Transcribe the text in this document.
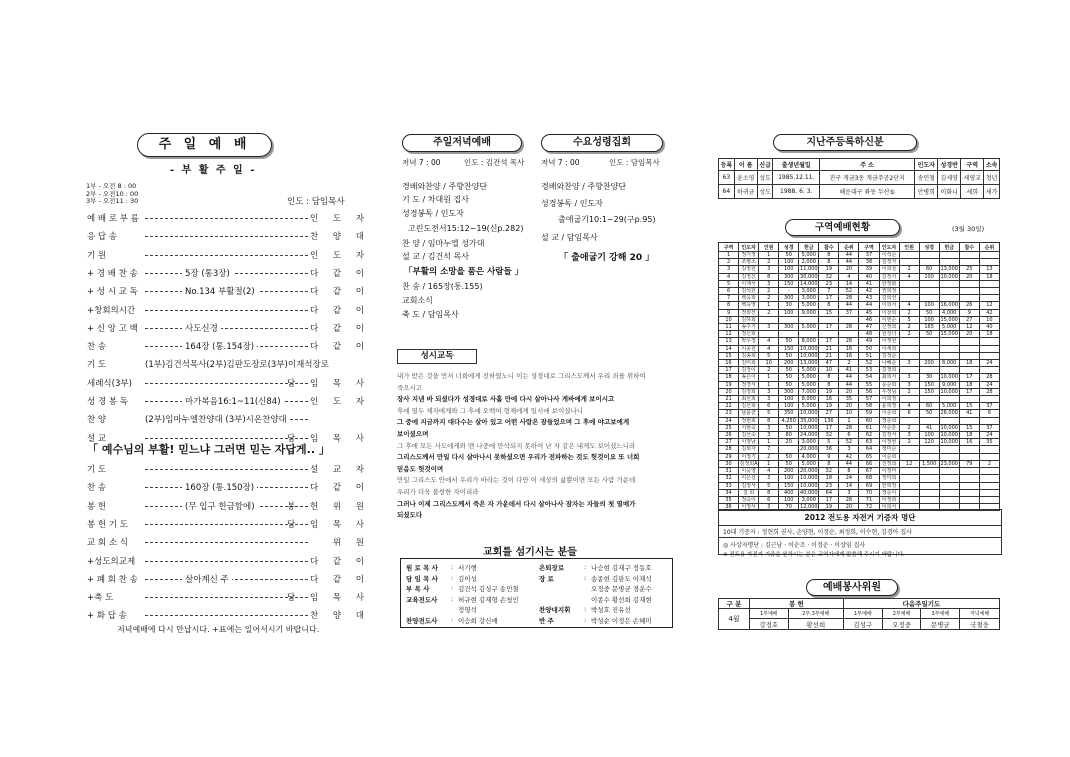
주 일 예 배
- 부 활 주 일 -
1부 - 오전 8 : 00
2부 - 오전10 : 00
3부 - 오전11 : 30	인도 : 담임목사
예 배 로 부 름	인 도 자
응 답 송	찬 양 대
기 원	인 도 자
+ 경 배 찬 송	5장 (통3장)	다 같 이
+ 성 시 교 독	No.134 부활절(2)	다 같 이
+창회의시간	다 같 이
+ 신 앙 고 백	사도신경	다 같 이
찬 송	164장 (통.154장)	다 같 이
기 도	(1부)김건석목사(2부)김판도장로(3부)이재석장로
세례식(3부)	담 임 목 사
성 경 봉 독	마가복음16:1~11(신84)	인 도 자
찬 양	(2부)임마누엘찬양대 (3부)시온찬양대
설 교	담 임 목 사
「 예수님의 부활! 믿느냐 그러면 믿는 자답게.. 」
기 도	설 교 자
찬 송	160장 (통.150장)	다 같 이
봉 헌	(무 입구 헌금함에)	봉 헌 위 원
봉 헌 기 도	담 임 목 사
교 회 소 식	위 원
+성도의교제	다 같 이
+ 폐 회 찬 송	살아계신 주	다 같 이
+축 도	담 임 목 사
+ 화 답 송	찬 양 대
저녁예배에 다시 만납시다. +표에는 일어서시기 바랍니다.
주일저녁예배	수요성령집회
저녁 7 : 00	인도 : 김건석 목사
경배와찬양 / 주향찬양단
기 도 / 차대원 집사
성경봉독 / 인도자
고린도전서15:12~19(신p.282)
찬 양 / 임마누엘 성가대
설 교 / 김건석 목사
「부활의 소망을 품은 사람들 」
찬 송 / 165장(통.155)
교회소식
축 도 / 담임목사
저녁 7 : 00	인도 : 담임목사
경배와찬양 / 주향찬양단
성경봉독 / 인도자
출애굽기10:1~29(구p.95)
설 교 / 담임목사
「 출애굽기 강해 20 」
성시교독
내가 받은 것을 먼저 너희에게 전하였노니 이는 성경대로 그리스도께서 우리 죄를 위하여
죽으시고
장사 지낸 바 되셨다가 성경대로 사흘 만에 다시 살아나사 게바에게 보이시고
후에 열두 제자에게와 그 후에 오백여 형제에게 일시에 보이셨나니
그 중에 지금까지 대다수는 살아 있고 어떤 사람은 잠들었으며 그 후에 야고보에게
보이셨으며
그 후에 모든 사도에게와 맨 나중에 만삭되지 못하여 난 자 같은 내게도 보이셨느니라
그리스도께서 만일 다시 살아나시 못하셨으면 우리가 전파하는 것도 헛것이요 또 너희
믿음도 헛것이며
만일 그리스도 안에서 우리가 바라는 것이 다만 이 세상의 삶뿐이면 모든 사람 가운데
우리가 더욱 불쌍한 자이리라
그러나 이제 그리스도께서 죽은 자 가운데서 다시 살아나사 잠자는 자들의 첫 열매가
되셨도다
교회를 섬기시는 분들
원 로 목 사 : 서기행
담 임 목 사 : 김이성
부 목 사	: 김건석 김성구 송민철
교육전도사 : 허규현 김재형 손청인
정영석
찬양전도사 : 이승희 강신애
은퇴장로	: 나승현 김재구 정동호
장 로	: 송종현 김판도 이재석
오정중 문병균 경운수
이종수 황선희 김재현
찬양대지휘 : 박성호 진유선
반 주	: 박성순 이정은 손혜미
지난주등록하신분
등록	이 름	신급	출생년월일	주 소	인도자	성경반	구역	소속
63	윤소영	성도	1985.12.11.	진구 개금3동 개금주공2단지	송민철	김세영	세영교	청년
64	하귀균	성도	1988. 6. 3.	해운대구 좌동 두산⑤	안병희	이화니	세희	새가
구역예배현황	(3월 30일)
구역	인도자	인원	성경	헌금	참수	순위	구역	인도자	인원	성경	헌금	참수	순위
1	정기정	1	50	5,000	8	44	37	이석순					
2	조병소	2	100	2,000	8	44	38	김정자					
3	김정원	3	100	11,000	19	20	39	이희삼	2	60	13,000	25	13
4	김정신	8	300	30,000	32	4	40	김정서	4	100	10,000	20	18
5	이재서	3	150	14,000	23	14	41	한정화					
6	김석원	2	-	3,000	7	52	42	권희정					
7	백옥희	2	300	3,000	17	28	43	김희선					
8	백옥영	1	30	5,000	8	44	44	이희서	4	100	16,000	26	12
9	정희선	2	100	9,000	15	37	45	이창희	2	50	4,000	9	42
10	김하희						46	이현순	5	100	15,000	27	10
11	송주기	3	300	5,000	17	28	47	신정희	2	165	5,000	12	40
12	정신희						48	원성녀	2	50	15,000	20	18
13	박우정	4	50	8,000	17	28	49	이정원					
14	이종원	4	150	10,000	21	16	50	이세희					
15	김송희	5	50	10,000	21	16	51	김정순					
16	김미희	10	200	13,000	47	2	52	나혜순	3	200	8,000	18	24
17	김정이	2	50	5,000	10	41	53	김정희					
18	송은이	1	50	5,000	8	44	54	최희서	3	30	10,000	17	28
19	정경식	1	50	5,000	8	44	55	문순희	3	150	9,000	18	24
20	김정희	3	300	7,000	19	20	56	우정님	2	150	10,000	17	28
21	최선희	3	100	8,000	16	35	57	이희정					
22	김선희	6	100	5,000	19	20	58	윤희정	4	60	5,000	15	37
23	남윤균	5	350	10,000	27	10	59	이순희	6	50	28,000	41	6
24	정현희	8	4,250	35,000	136	1	60	정순희					
25	서현숙	3	50	10,000	17	28	61	서순분	2	41	10,000	15	37
26	김선숙	3	80	24,000	32	6	62	김정서	3	100	10,000	18	24
27	이정남	1	20	3,000	5	52	63	이정현	2	120	10,000	16	35
28	김희자	7		20,000	36	3	64	정미순					
29	이정기	2	50	4,000	9	42	65	이순희					
30	김정희A	1	50	5,000	8	44	66	진정희	12	1,500	23,000	79	2
31	이옥영	4	200	20,000	32	8	67	이정미					
32	이은실	3	100	10,000	18	24	68	정미희					
33	김정서	5	150	10,000	23	14	69	한희정					
34	김 희	8	400	40,000	64	3	70	정순이					
35	정숙이	6	100	3,000	17	28	71	이정희					
36	이정서	3	70	12,000	19	20	72	이희서					
2012 전도용 자전거 기증자 명단
10대 기증자 : 정현희 권사, 손양현, 이정순, 최정희, 이수현, 김경아 집사
◎ 사상자명단 : 김근남 · 이순조 · 이정순 · 이상임 집사
※ 전도용 자전거 기증을 원하시는 분은 교역자에게 말씀해 주시기 바랍니다.
예배봉사위원
구 분	봉 헌		다음주일기도			
4월	1부예배	2부,3부예배	1부예배	2부예배	3부예배	저녁예배
	강정호	황선희	김성구	오정중	문병균	국철웅
